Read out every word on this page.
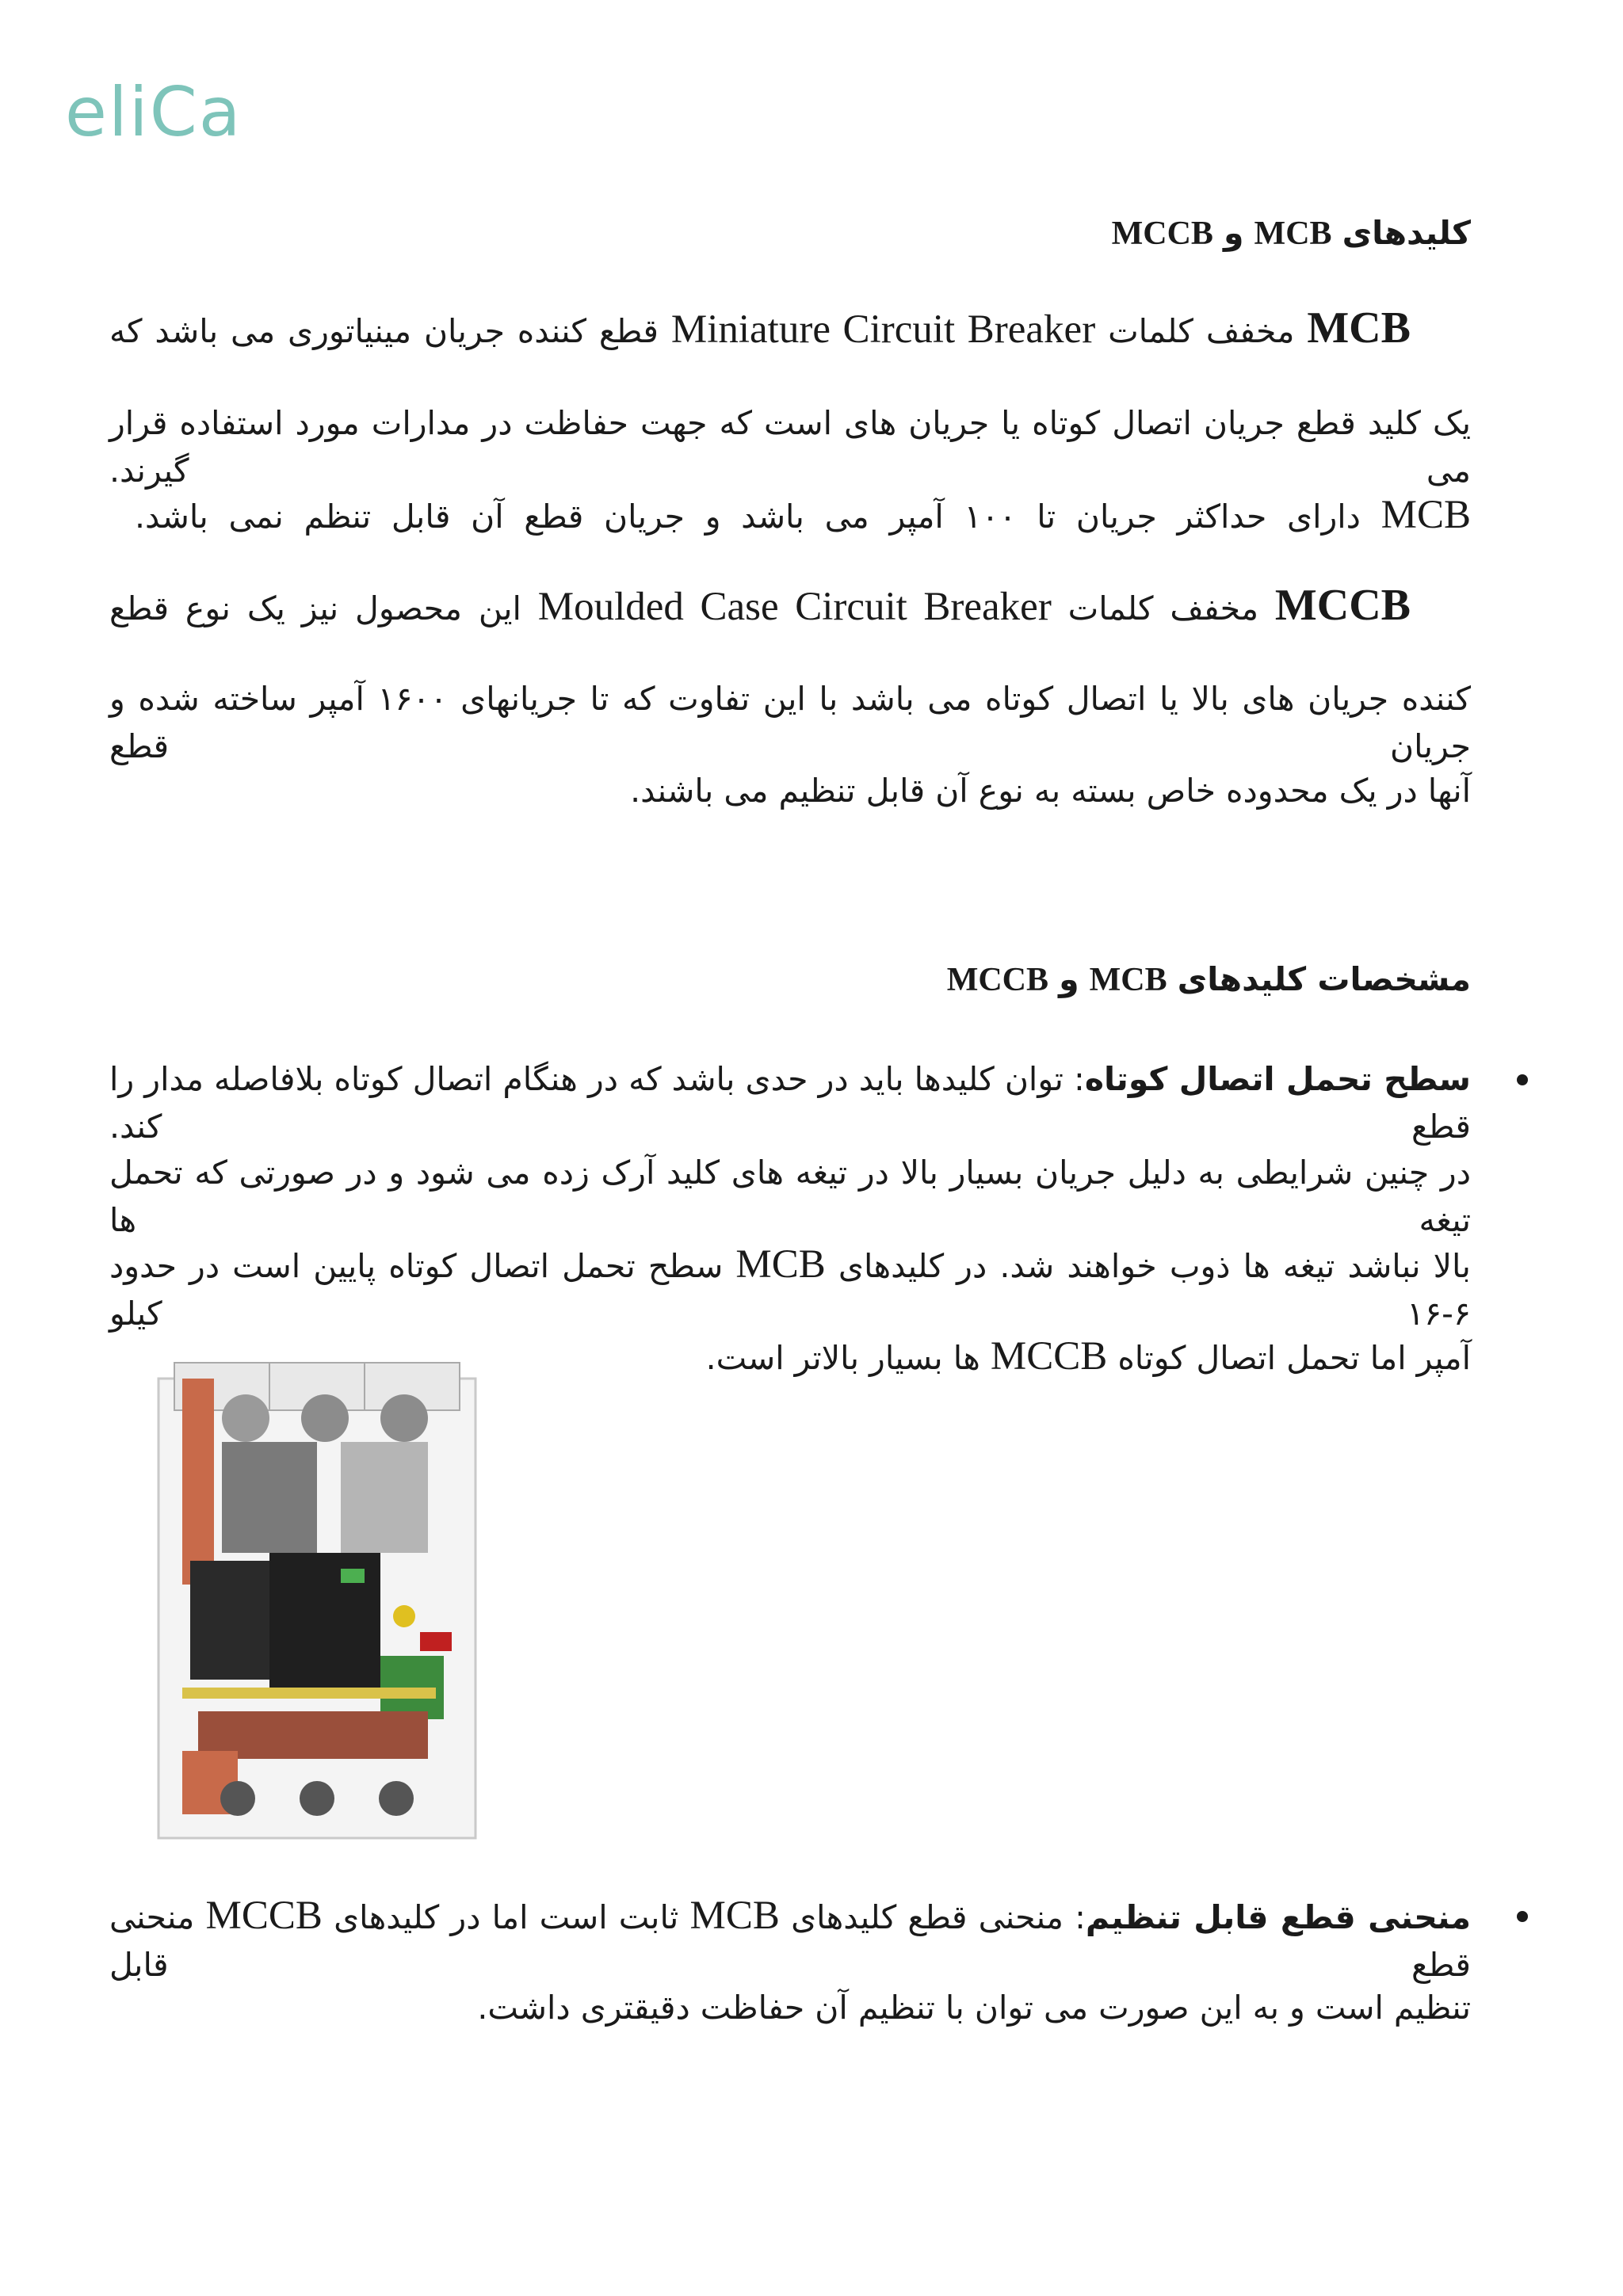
eliCa
کلیدهای MCB و MCCB
MCB مخفف کلمات Miniature Circuit Breaker قطع کننده جریان مینیاتوری می باشد که
یک کلید قطع جریان اتصال کوتاه یا جریان های است که جهت حفاظت در مدارات مورد استفاده قرار می گیرند.
MCB دارای حداکثر جریان تا ۱۰۰ آمپر می باشد و جریان قطع آن قابل تنظم نمی باشد.
MCCB مخفف کلمات Moulded Case Circuit Breaker این محصول نیز یک نوع قطع
کننده جریان های بالا یا اتصال کوتاه می باشد با این تفاوت که تا جریانهای ۱۶۰۰ آمپر ساخته شده و جریان قطع
آنها در یک محدوده خاص بسته به نوع آن قابل تنظیم می باشند.
مشخصات کلیدهای MCB و MCCB
سطح تحمل اتصال کوتاه: توان کلیدها باید در حدی باشد که در هنگام اتصال کوتاه بلافاصله مدار را قطع کند.
در چنین شرایطی به دلیل جریان بسیار بالا در تیغه های کلید آرک زده می شود و در صورتی که تحمل تیغه ها
بالا نباشد تیغه ها ذوب خواهند شد. در کلیدهای MCB سطح تحمل اتصال کوتاه پایین است در حدود ۶-۱۶ کیلو
آمپر اما تحمل اتصال کوتاه MCCB ها بسیار بالاتر است.
منحنی قطع قابل تنظیم: منحنی قطع کلیدهای MCB ثابت است اما در کلیدهای MCCB منحنی قطع قابل
تنظیم است و به این صورت می توان با تنظیم آن حفاظت دقیقتری داشت.
